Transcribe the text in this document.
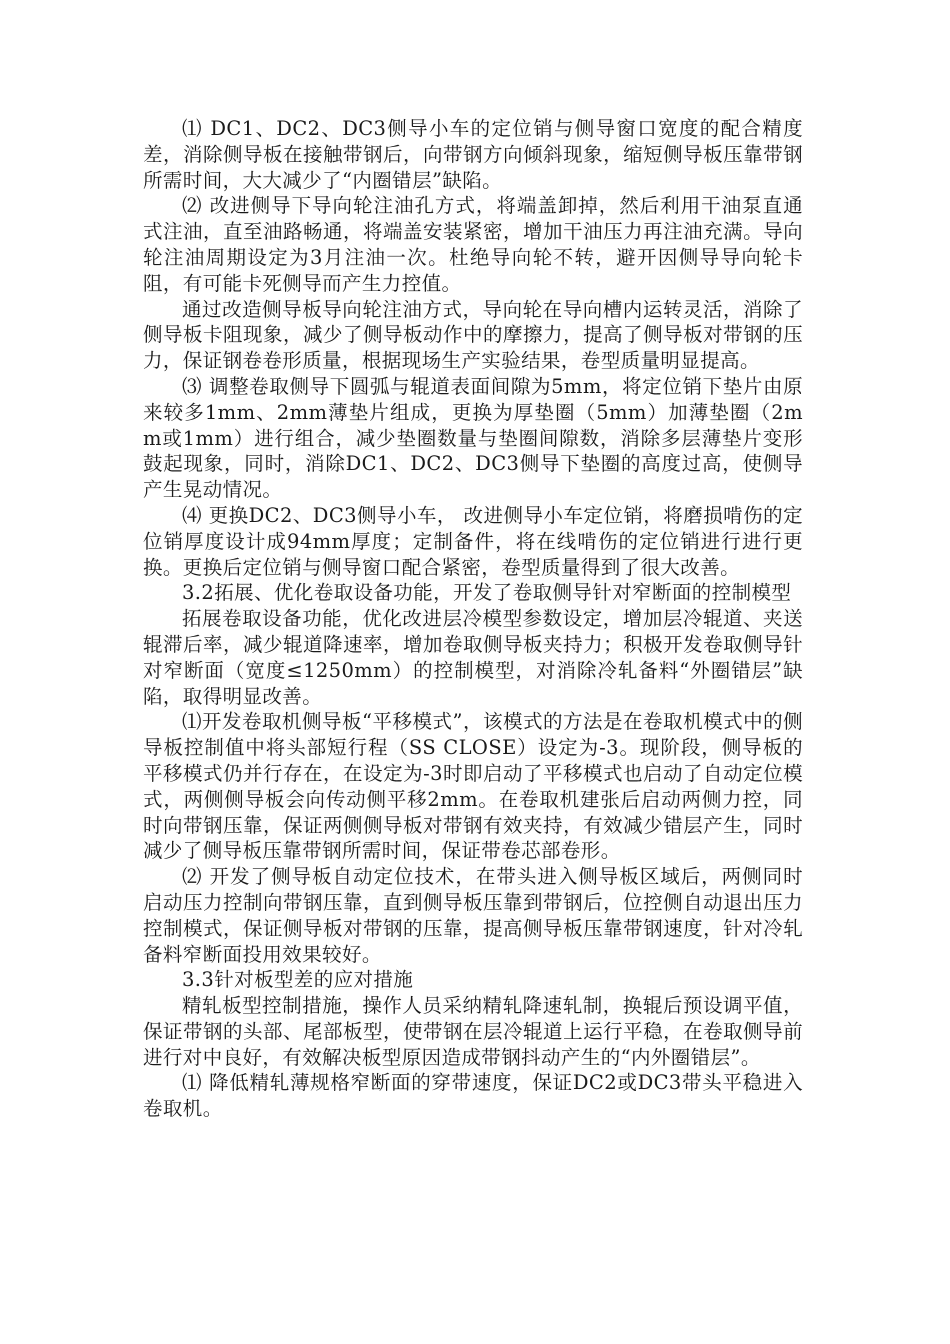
⑴ DC1、DC2、DC3侧导小车的定位销与侧导窗口宽度的配合精度差，消除侧导板在接触带钢后，向带钢方向倾斜现象，缩短侧导板压靠带钢所需时间，大大减少了“内圈错层”缺陷。

⑵ 改进侧导下导向轮注油孔方式，将端盖卸掉，然后利用干油泵直通式注油，直至油路畅通，将端盖安装紧密，增加干油压力再注油充满。导向轮注油周期设定为3月注油一次。杜绝导向轮不转，避开因侧导导向轮卡阻，有可能卡死侧导而产生力控值。

通过改造侧导板导向轮注油方式，导向轮在导向槽内运转灵活，消除了侧导板卡阻现象，减少了侧导板动作中的摩擦力，提高了侧导板对带钢的压力，保证钢卷卷形质量，根据现场生产实验结果，卷型质量明显提高。

⑶ 调整卷取侧导下圆弧与辊道表面间隙为5mm，将定位销下垫片由原来较多1mm、2mm薄垫片组成，更换为厚垫圈（5mm）加薄垫圈（2mm或1mm）进行组合，减少垫圈数量与垫圈间隙数，消除多层薄垫片变形鼓起现象，同时，消除DC1、DC2、DC3侧导下垫圈的高度过高，使侧导产生晃动情况。

⑷ 更换DC2、DC3侧导小车， 改进侧导小车定位销，将磨损啃伤的定位销厚度设计成94mm厚度；定制备件，将在线啃伤的定位销进行进行更换。更换后定位销与侧导窗口配合紧密，卷型质量得到了很大改善。

3.2拓展、优化卷取设备功能，开发了卷取侧导针对窄断面的控制模型

拓展卷取设备功能，优化改进层冷模型参数设定，增加层冷辊道、夹送辊滞后率，减少辊道降速率，增加卷取侧导板夹持力；积极开发卷取侧导针对窄断面（宽度≤1250mm）的控制模型，对消除冷轧备料“外圈错层”缺陷，取得明显改善。

⑴开发卷取机侧导板“平移模式”，该模式的方法是在卷取机模式中的侧导板控制值中将头部短行程（SS CLOSE）设定为-3。现阶段，侧导板的平移模式仍并行存在，在设定为-3时即启动了平移模式也启动了自动定位模式，两侧侧导板会向传动侧平移2mm。在卷取机建张后启动两侧力控，同时向带钢压靠，保证两侧侧导板对带钢有效夹持，有效减少错层产生，同时减少了侧导板压靠带钢所需时间，保证带卷芯部卷形。

⑵ 开发了侧导板自动定位技术，在带头进入侧导板区域后，两侧同时启动压力控制向带钢压靠，直到侧导板压靠到带钢后，位控侧自动退出压力控制模式，保证侧导板对带钢的压靠，提高侧导板压靠带钢速度，针对冷轧备料窄断面投用效果较好。

3.3针对板型差的应对措施

精轧板型控制措施，操作人员采纳精轧降速轧制，换辊后预设调平值，保证带钢的头部、尾部板型，使带钢在层冷辊道上运行平稳，在卷取侧导前进行对中良好，有效解决板型原因造成带钢抖动产生的“内外圈错层”。

⑴ 降低精轧薄规格窄断面的穿带速度，保证DC2或DC3带头平稳进入卷取机。
